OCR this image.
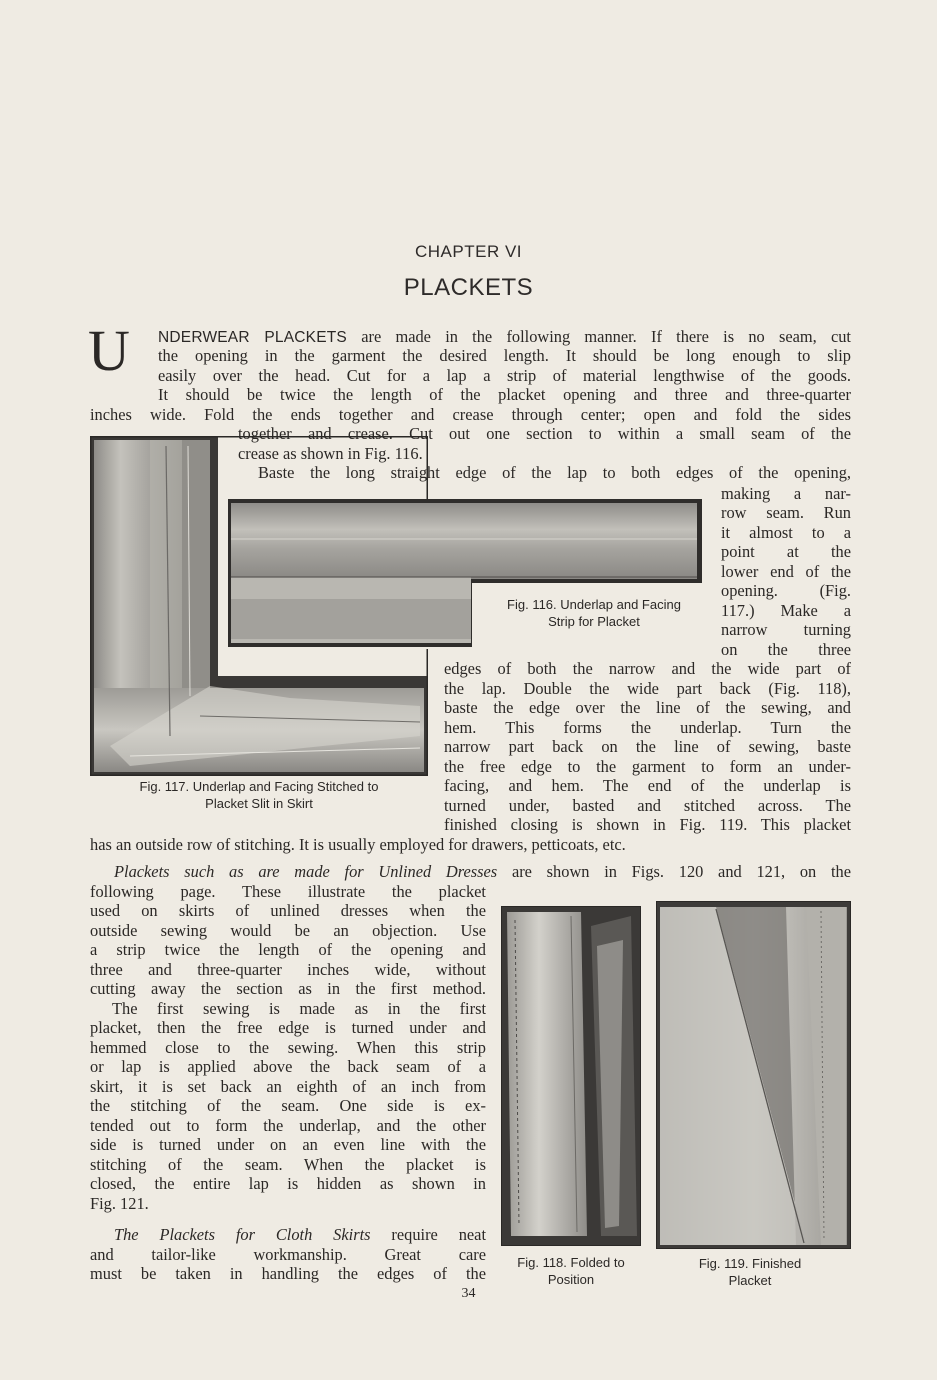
CHAPTER VI
PLACKETS
U NDERWEAR PLACKETS are made in the following manner. If there is no seam, cut
the opening in the garment the desired length. It should be long enough to slip
easily over the head. Cut for a lap a strip of material lengthwise of the goods.
It should be twice the length of the placket opening and three and three-quarter
inches wide. Fold the ends together and crease through center; open and fold the sides
together and crease. Cut out one section to within a small seam of the
crease as shown in Fig. 116.
Baste the long straight edge of the lap to both edges of the opening,
making a nar-
row seam. Run
it almost to a
point at the
lower end of the
opening. (Fig.
117.) Make a
narrow turning
on the three
edges of both the narrow and the wide part of
the lap. Double the wide part back (Fig. 118),
baste the edge over the line of the sewing, and
hem. This forms the underlap. Turn the
narrow part back on the line of sewing, baste
the free edge to the garment to form an under-
facing, and hem. The end of the underlap is
turned under, basted and stitched across. The
finished closing is shown in Fig. 119. This placket
has an outside row of stitching. It is usually employed for drawers, petticoats, etc.
Plackets such as are made for Unlined Dresses are shown in Figs. 120 and 121, on the
following page. These illustrate the placket
used on skirts of unlined dresses when the
outside sewing would be an objection. Use
a strip twice the length of the opening and
three and three-quarter inches wide, without
cutting away the section as in the first method.
The first sewing is made as in the first
placket, then the free edge is turned under and
hemmed close to the sewing. When this strip
or lap is applied above the back seam of a
skirt, it is set back an eighth of an inch from
the stitching of the seam. One side is ex-
tended out to form the underlap, and the other
side is turned under on an even line with the
stitching of the seam. When the placket is
closed, the entire lap is hidden as shown in
Fig. 121.
The Plackets for Cloth Skirts require neat
and tailor-like workmanship. Great care
must be taken in handling the edges of the
Fig. 116. Underlap and Facing
Strip for Placket
Fig. 117. Underlap and Facing Stitched to
Placket Slit in Skirt
Fig. 118. Folded to
Position
Fig. 119. Finished
Placket
34
